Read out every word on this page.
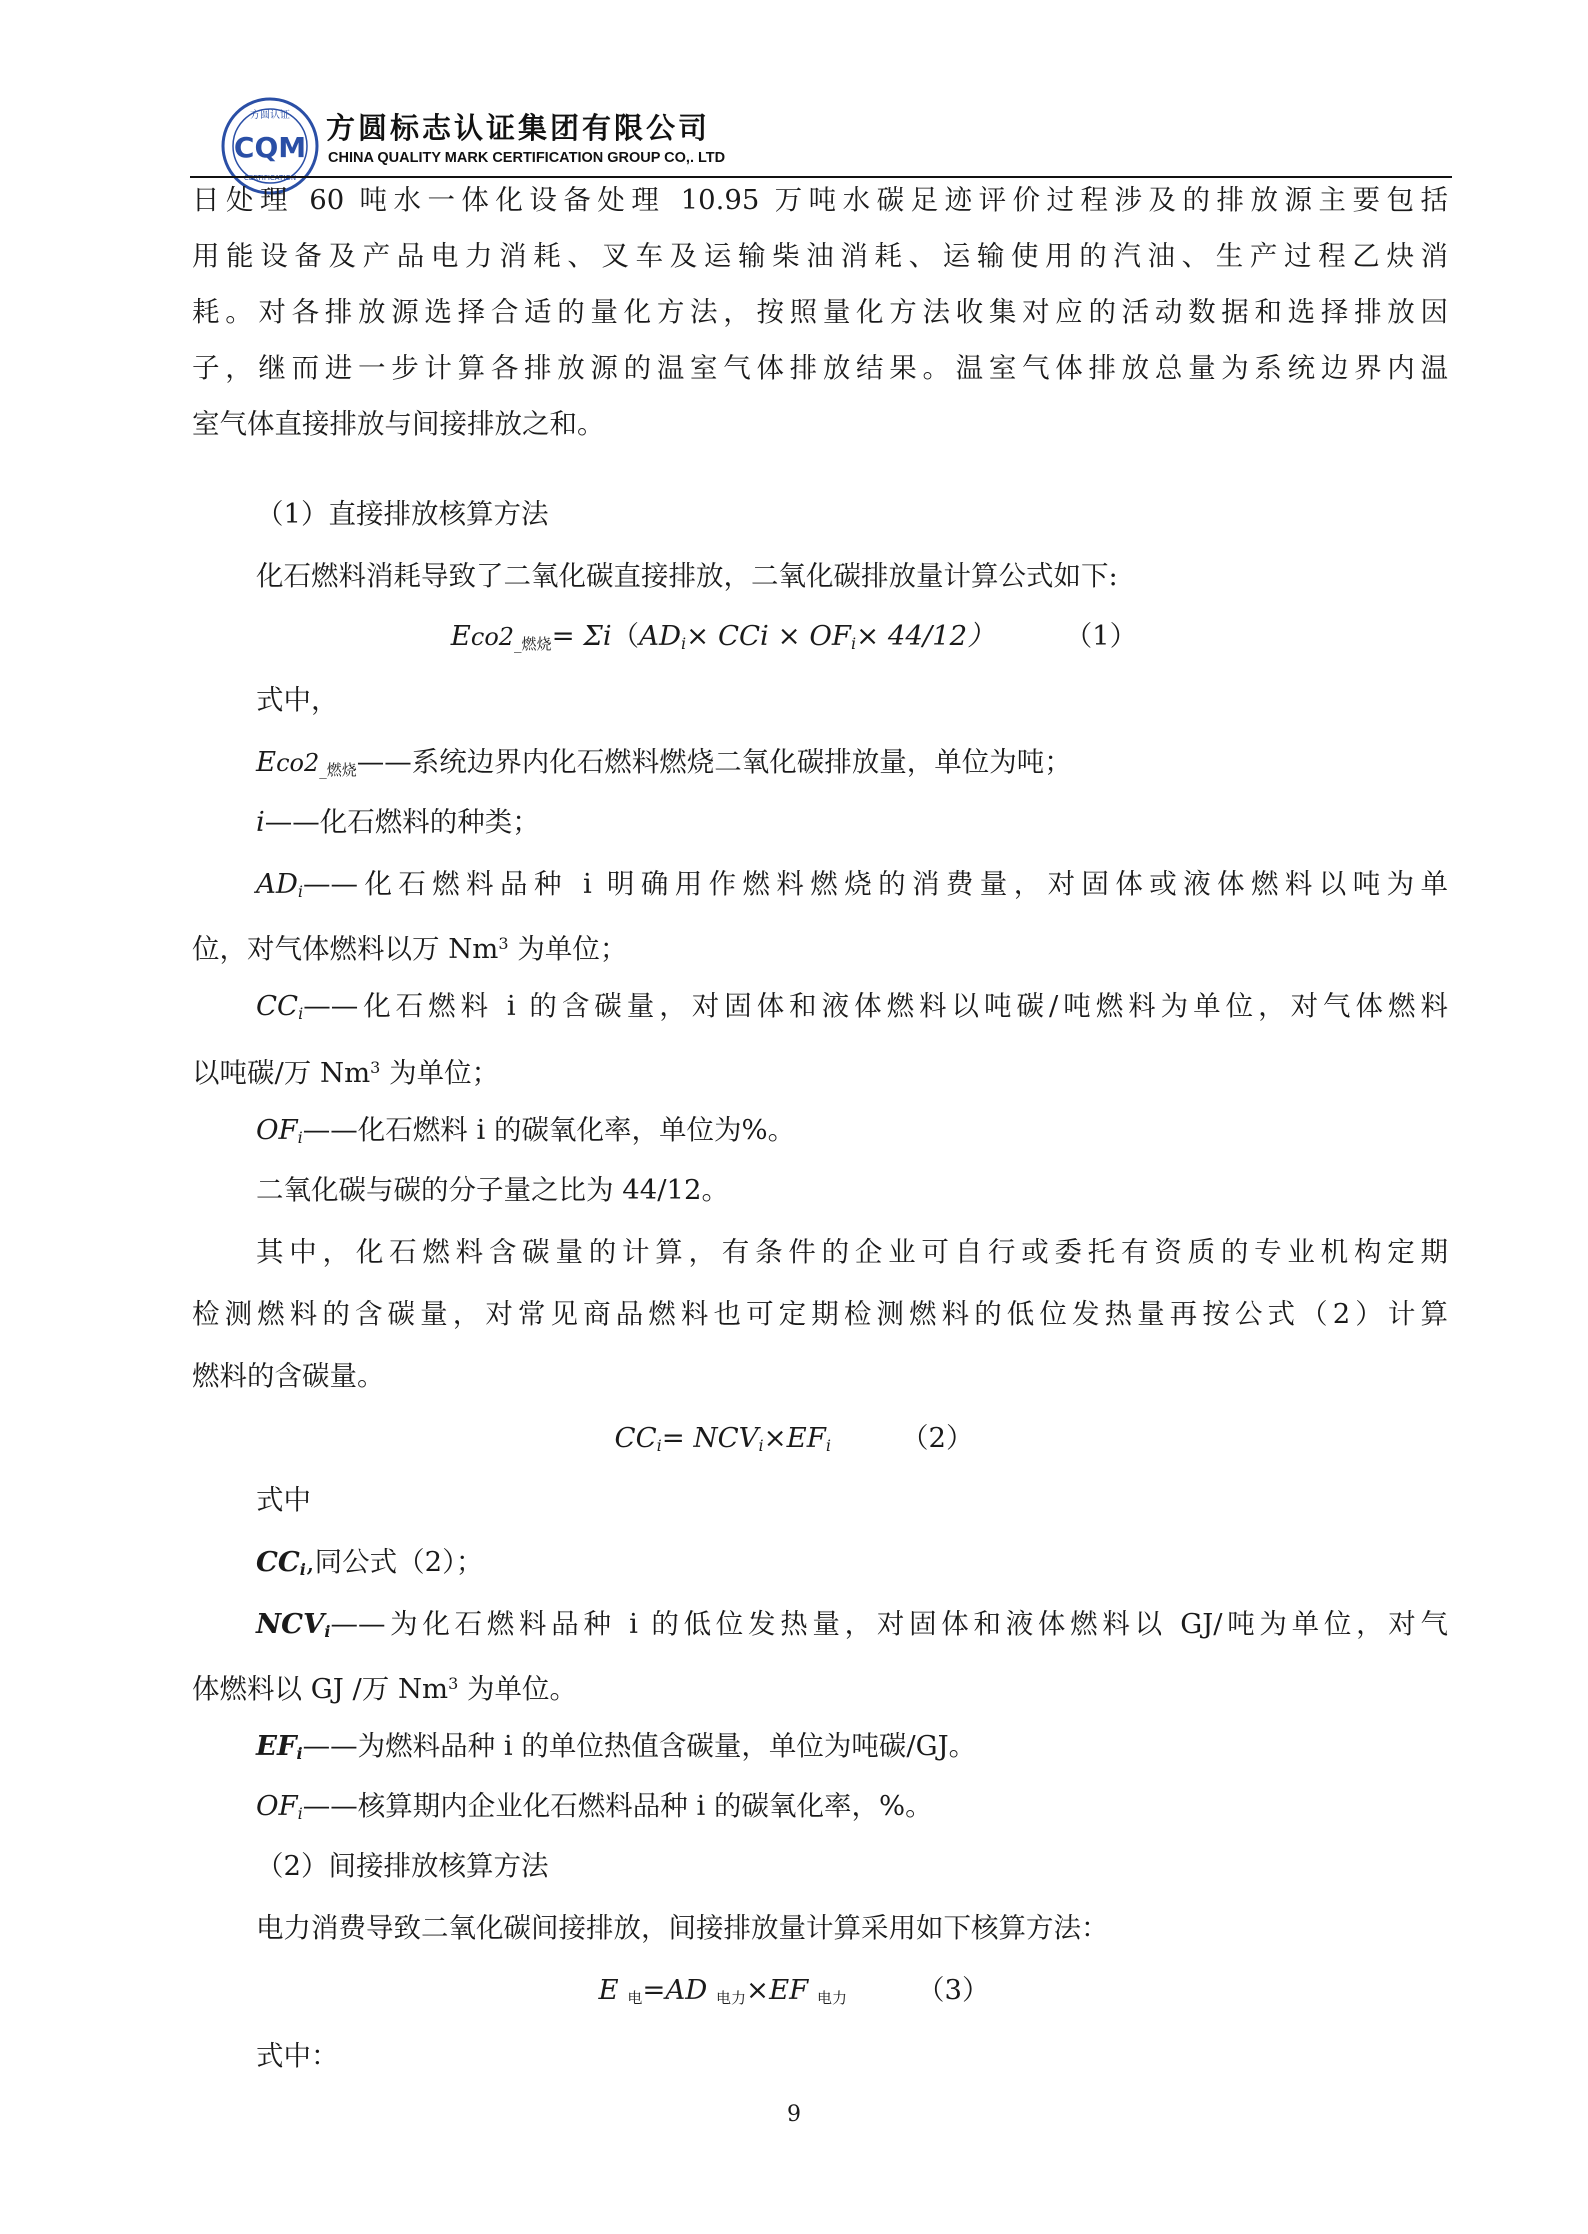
方圆认证
CQM
CERTIFICATION
方圆标志认证集团有限公司
CHINA QUALITY MARK CERTIFICATION GROUP CO,. LTD
日处理 60 吨水一体化设备处理 10.95 万吨水碳足迹评价过程涉及的排放源主要包括
用能设备及产品电力消耗、叉车及运输柴油消耗、运输使用的汽油、生产过程乙炔消
耗。对各排放源选择合适的量化方法，按照量化方法收集对应的活动数据和选择排放因
子，继而进一步计算各排放源的温室气体排放结果。温室气体排放总量为系统边界内温
室气体直接排放与间接排放之和。
（1）直接排放核算方法
化石燃料消耗导致了二氧化碳直接排放，二氧化碳排放量计算公式如下:
$Eco2_{\_燃烧}= \Sigma i(AD_i\times$ CCi × $OF_i\times 44/12$）	（1）
式中，
$Eco2_{\_燃烧}——$系统边界内化石燃料燃烧二氧化碳排放量，单位为吨；
i——化石燃料的种类；
$AD_i——$化石燃料品种 i 明确用作燃料燃烧的消费量，对固体或液体燃料以吨为单
位，对气体燃料以万 Nm$^3$ 为单位；
$CC_i——$化石燃料 i 的含碳量，对固体和液体燃料以吨碳/吨燃料为单位，对气体燃料
以吨碳/万 Nm$^3$ 为单位；
$OF_i——$化石燃料 i 的碳氧化率，单位为%。
二氧化碳与碳的分子量之比为 44/12。
其中，化石燃料含碳量的计算，有条件的企业可自行或委托有资质的专业机构定期
检测燃料的含碳量，对常见商品燃料也可定期检测燃料的低位发热量再按公式（2）计算
燃料的含碳量。
$CC_i= NCV_i\times EF_i$	（2）
式中
$CC_i$,同公式（2）；
$NCV_i——$为化石燃料品种 i 的低位发热量，对固体和液体燃料以 GJ/吨为单位，对气
体燃料以 GJ /万 Nm$^3$ 为单位。
$EF_i——$为燃料品种 i 的单位热值含碳量，单位为吨碳/GJ。
$OF_i——$核算期内企业化石燃料品种 i 的碳氧化率，%。
（2）间接排放核算方法
电力消费导致二氧化碳间接排放，间接排放量计算采用如下核算方法：
E $_电$=AD $_{电力}$×EF $_{电力}$	（3）
式中：
9
